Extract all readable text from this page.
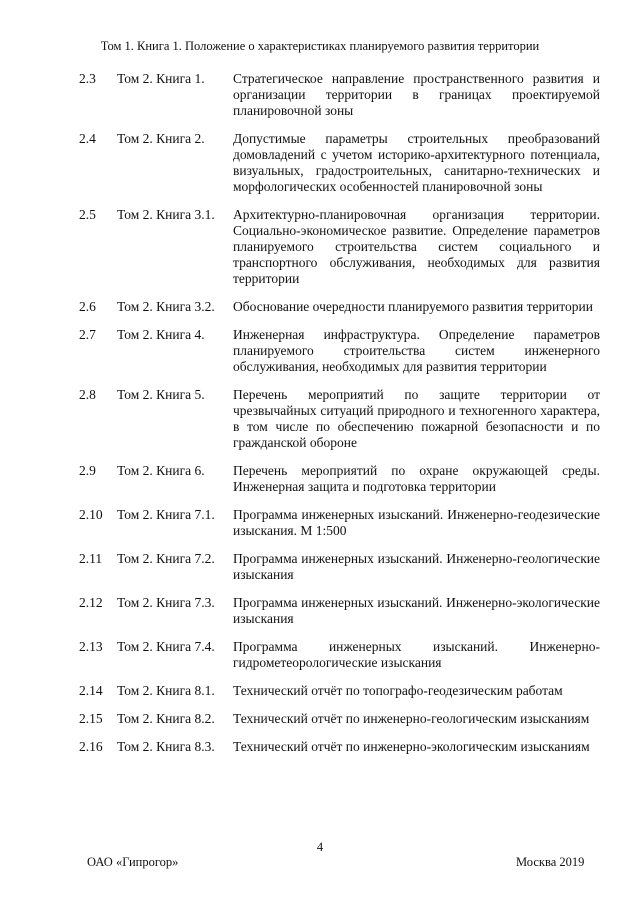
Том 1. Книга 1. Положение о характеристиках планируемого развития территории
2.3 Том 2. Книга 1. Стратегическое направление пространственного развития и организации территории в границах проектируемой планировочной зоны
2.4 Том 2. Книга 2. Допустимые параметры строительных преобразований домовладений с учетом историко-архитектурного потенциала, визуальных, градостроительных, санитарно-технических и морфологических особенностей планировочной зоны
2.5 Том 2. Книга 3.1. Архитектурно-планировочная организация территории. Социально-экономическое развитие. Определение параметров планируемого строительства систем социального и транспортного обслуживания, необходимых для развития территории
2.6 Том 2. Книга 3.2. Обоснование очередности планируемого развития территории
2.7 Том 2. Книга 4. Инженерная инфраструктура. Определение параметров планируемого строительства систем инженерного обслуживания, необходимых для развития территории
2.8 Том 2. Книга 5. Перечень мероприятий по защите территории от чрезвычайных ситуаций природного и техногенного характера, в том числе по обеспечению пожарной безопасности и по гражданской обороне
2.9 Том 2. Книга 6. Перечень мероприятий по охране окружающей среды. Инженерная защита и подготовка территории
2.10 Том 2. Книга 7.1. Программа инженерных изысканий. Инженерно-геодезические изыскания. М 1:500
2.11 Том 2. Книга 7.2. Программа инженерных изысканий. Инженерно-геологические изыскания
2.12 Том 2. Книга 7.3. Программа инженерных изысканий. Инженерно-экологические изыскания
2.13 Том 2. Книга 7.4. Программа инженерных изысканий. Инженерно-гидрометеорологические изыскания
2.14 Том 2. Книга 8.1. Технический отчёт по топографо-геодезическим работам
2.15 Том 2. Книга 8.2. Технический отчёт по инженерно-геологическим изысканиям
2.16 Том 2. Книга 8.3. Технический отчёт по инженерно-экологическим изысканиям
4
ОАО «Гипрогор»	Москва 2019
